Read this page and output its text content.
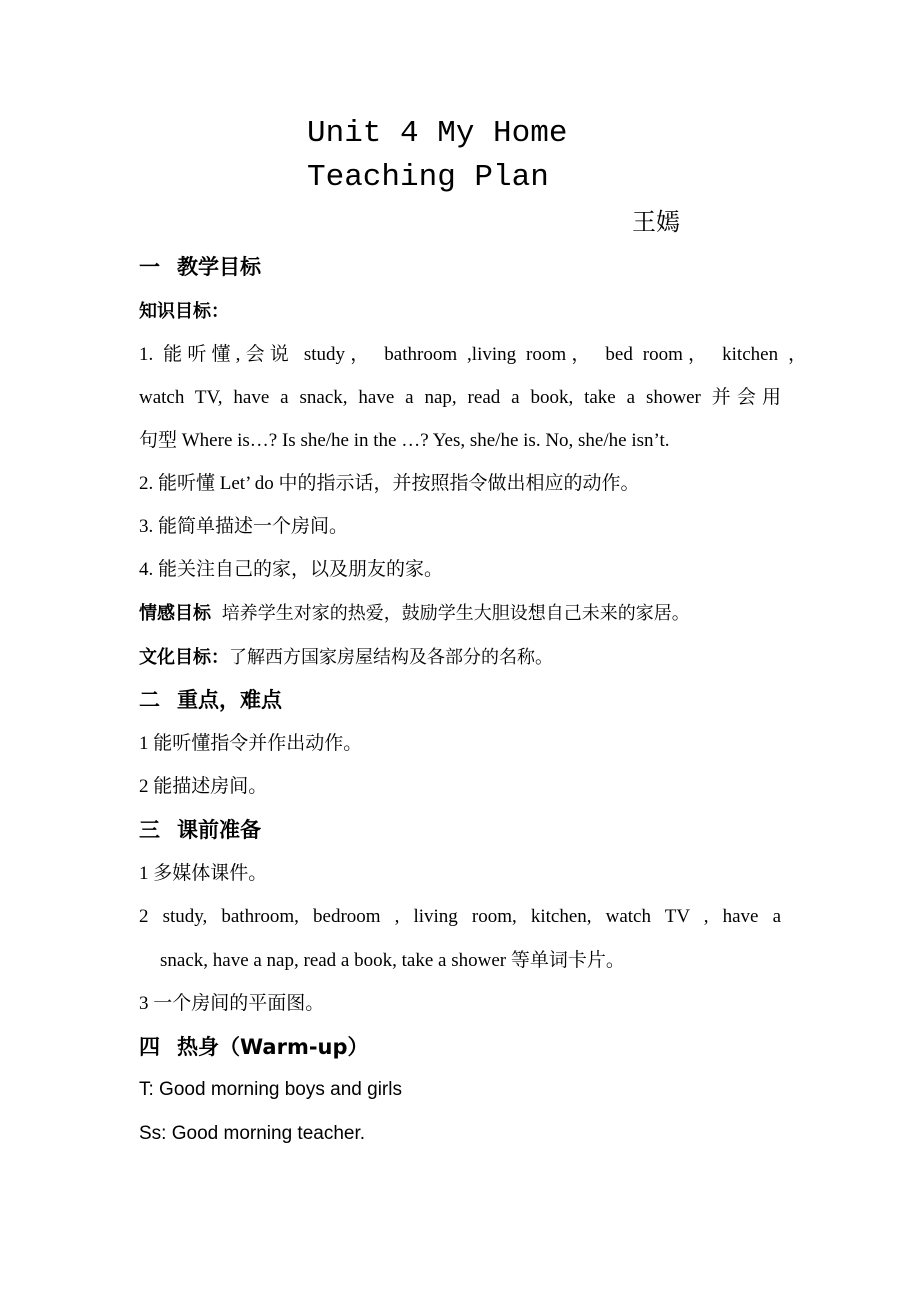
Unit 4 My Home
Teaching Plan
王嫣
一 教学目标
知识目标：
1. 能听懂,会说 study， bathroom ,living room， bed room， kitchen ，
watch TV, have a snack, have a nap, read a book, take a shower 并会用
句型 Where is…? Is she/he in the …? Yes, she/he is. No, she/he isn’t.
2. 能听懂 Let’ do 中的指示话，并按照指令做出相应的动作。
3. 能简单描述一个房间。
4. 能关注自己的家，以及朋友的家。
情感目标 培养学生对家的热爱，鼓励学生大胆设想自己未来的家居。
文化目标：了解西方国家房屋结构及各部分的名称。
二 重点，难点
1 能听懂指令并作出动作。
2 能描述房间。
三 课前准备
1 多媒体课件。
2 study, bathroom, bedroom , living room, kitchen, watch TV , have a
snack, have a nap, read a book, take a shower 等单词卡片。
3 一个房间的平面图。
四 热身（Warm-up）
T: Good morning boys and girls
Ss: Good morning teacher.
